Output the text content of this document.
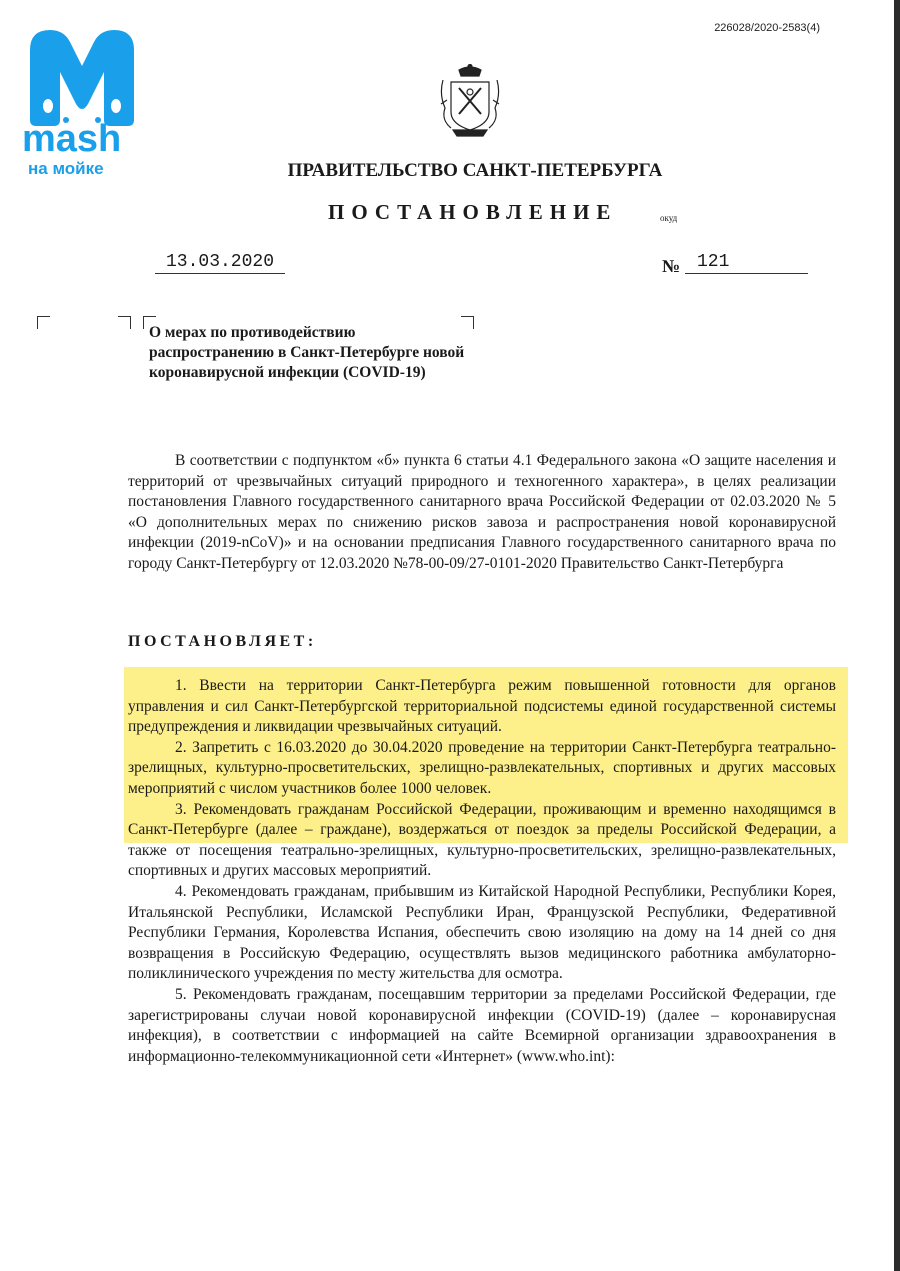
226028/2020-2583(4)
mash
на мойке	ПРАВИТЕЛЬСТВО САНКТ-ПЕТЕРБУРГА
ПОСТАНОВЛЕНИЕ	окуд
13.03.2020	№ 121
О мерах по противодействию распространению в Санкт-Петербурге новой коронавирусной инфекции (COVID-19)

В соответствии с подпунктом «б» пункта 6 статьи 4.1 Федерального закона «О защите населения и территорий от чрезвычайных ситуаций природного и техногенного характера», в целях реализации постановления Главного государственного санитарного врача Российской Федерации от 02.03.2020 № 5 «О дополнительных мерах по снижению рисков завоза и распространения новой коронавирусной инфекции (2019-nCoV)» и на основании предписания Главного государственного санитарного врача по городу Санкт-Петербургу от 12.03.2020 №78-00-09/27-0101-2020 Правительство Санкт-Петербурга

ПОСТАНОВЛЯЕТ:

1. Ввести на территории Санкт-Петербурга режим повышенной готовности для органов управления и сил Санкт-Петербургской территориальной подсистемы единой государственной системы предупреждения и ликвидации чрезвычайных ситуаций.

2. Запретить с 16.03.2020 до 30.04.2020 проведение на территории Санкт-Петербурга театрально-зрелищных, культурно-просветительских, зрелищно-развлекательных, спортивных и других массовых мероприятий с числом участников более 1000 человек.

3. Рекомендовать гражданам Российской Федерации, проживающим и временно находящимся в Санкт-Петербурге (далее – граждане), воздержаться от поездок за пределы Российской Федерации, а также от посещения театрально-зрелищных, культурно-просветительских, зрелищно-развлекательных, спортивных и других массовых мероприятий.

4. Рекомендовать гражданам, прибывшим из Китайской Народной Республики, Республики Корея, Итальянской Республики, Исламской Республики Иран, Французской Республики, Федеративной Республики Германия, Королевства Испания, обеспечить свою изоляцию на дому на 14 дней со дня возвращения в Российскую Федерацию, осуществлять вызов медицинского работника амбулаторно-поликлинического учреждения по месту жительства для осмотра.

5. Рекомендовать гражданам, посещавшим территории за пределами Российской Федерации, где зарегистрированы случаи новой коронавирусной инфекции (COVID-19) (далее – коронавирусная инфекция), в соответствии с информацией на сайте Всемирной организации здравоохранения в информационно-телекоммуникационной сети «Интернет» (www.who.int):
